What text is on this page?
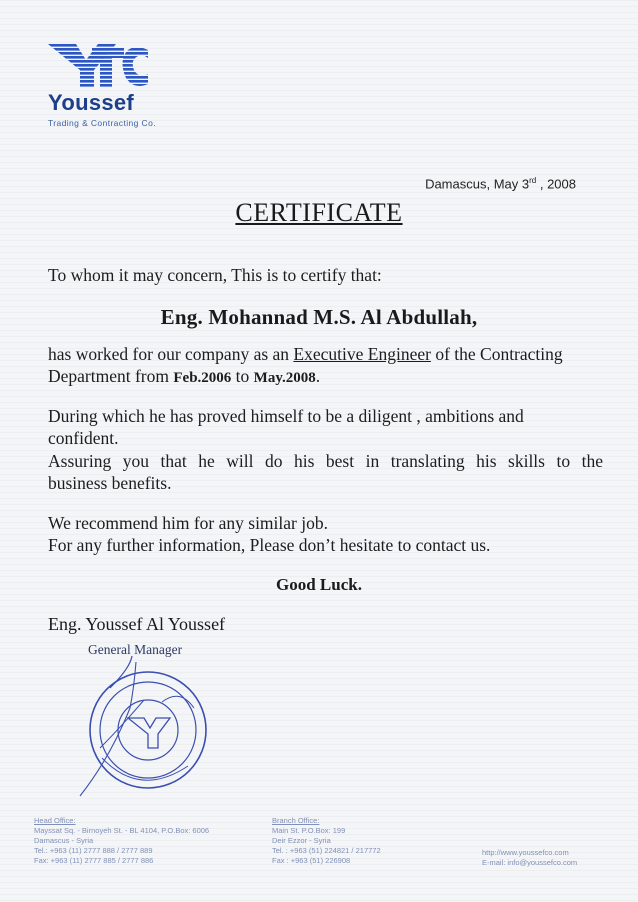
Youssef
Trading & Contracting Co.
Damascus, May 3rd , 2008
CERTIFICATE
To whom it may concern, This is to certify that:
Eng. Mohannad M.S. Al Abdullah,
has worked for our company as an Executive Engineer of the Contracting
Department from Feb.2006 to May.2008.
During which he has proved himself to be a diligent , ambitions and
confident.
Assuring you that he will do his best in translating his skills to the
business benefits.
We recommend him for any similar job.
For any further information, Please don’t hesitate to contact us.
Good Luck.
Eng. Youssef Al Youssef
General Manager
Head Office:
Mayssat Sq. - Birnoyeh St. - BL 4104, P.O.Box: 6006
Damascus - Syria
Tel.: +963 (11) 2777 888 / 2777 889
Fax: +963 (11) 2777 885 / 2777 886
Branch Office:
Main St. P.O.Box: 199
Deir Ezzor - Syria
Tel. : +963 (51) 224821 / 217772
Fax : +963 (51) 226908
http://www.youssefco.com
E-mail: info@youssefco.com
